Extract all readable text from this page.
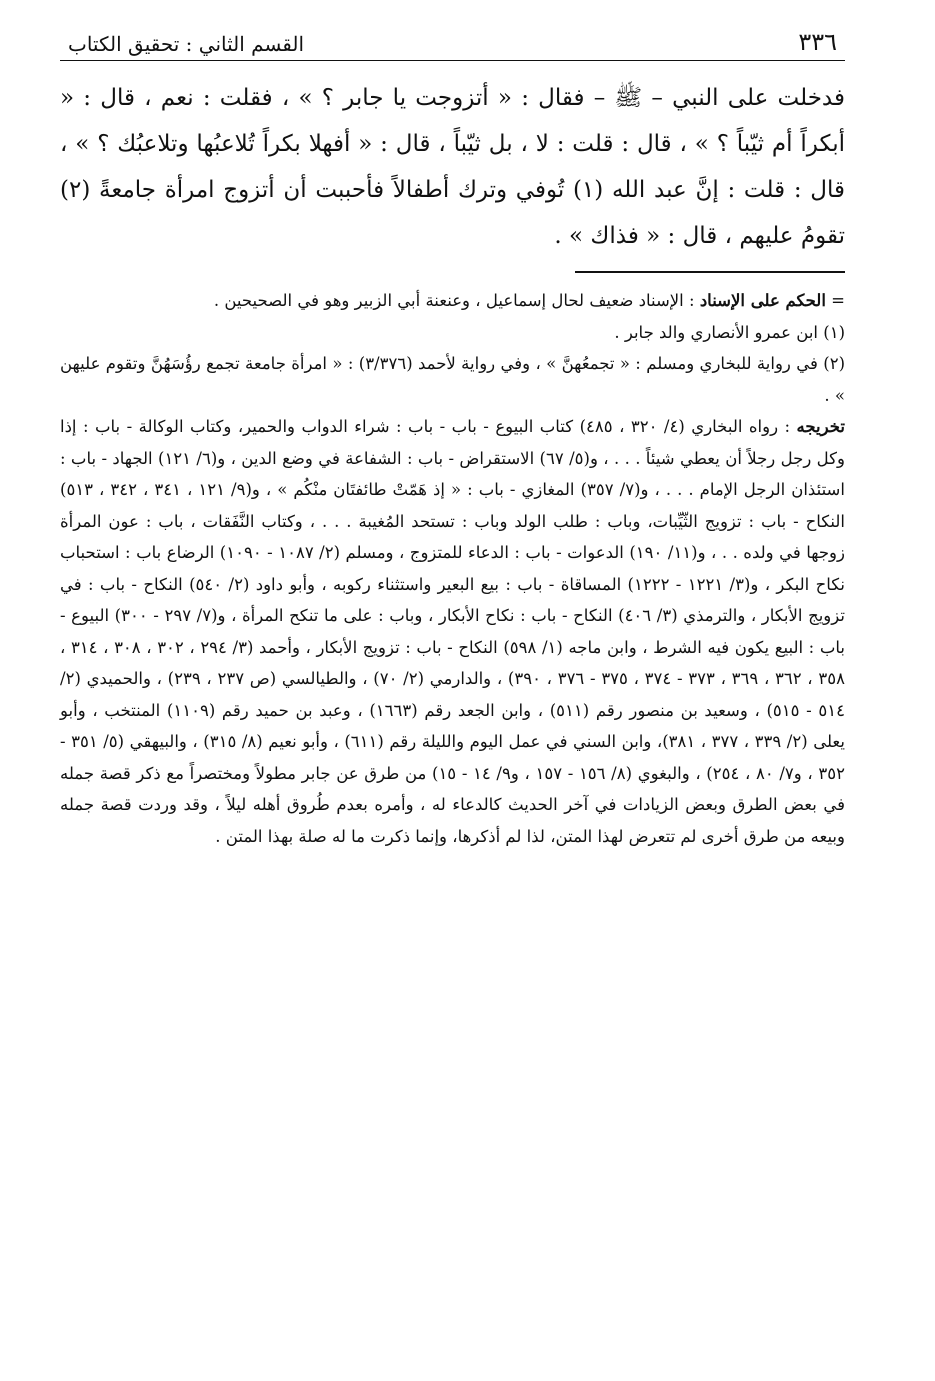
٣٣٦
القسم الثاني : تحقيق الكتاب

فدخلت على النبي – ﷺ – فقال : « أتزوجت يا جابر ؟ » ، فقلت : نعم ، قال : « أبكراً أم ثيّباً ؟ » ، قال : قلت : لا ، بل ثيّباً ، قال : « أفهلا بكراً تُلاعبُها وتلاعبُك ؟ » ، قال : قلت : إنَّ عبد الله (١) تُوفي وترك أطفالاً فأحببت أن أتزوج امرأة جامعةً (٢) تقومُ عليهم ، قال : « فذاك » .

= الحكم على الإسناد : الإسناد ضعيف لحال إسماعيل ، وعنعنة أبي الزبير وهو في الصحيحين .

(١) ابن عمرو الأنصاري والد جابر .

(٢) في رواية للبخاري ومسلم : « تجمعُهنَّ » ، وفي رواية لأحمد (٣/٣٧٦) : « امرأة جامعة تجمع رؤُسَهُنَّ وتقوم عليهن » .

تخريجه : رواه البخاري (٤/ ٣٢٠ ، ٤٨٥) كتاب البيوع - باب - باب : شراء الدواب والحمير، وكتاب الوكالة - باب : إذا وكل رجل رجلاً أن يعطي شيئاً . . . ، و(٥/ ٦٧) الاستقراض - باب : الشفاعة في وضع الدين ، و(٦/ ١٢١) الجهاد - باب : استئذان الرجل الإمام . . . ، و(٧/ ٣٥٧) المغازي - باب : « إذ هَمّتْ طائفتَان منْكُم » ، و(٩/ ١٢١ ، ٣٤١ ، ٣٤٢ ، ٥١٣) النكاح - باب : تزويج الثّيِّبات، وباب : طلب الولد وباب : تستحد المُغيبة . . . ، وكتاب النَّفَقات ، باب : عون المرأة زوجها في ولده . . ، و(١١/ ١٩٠) الدعوات - باب : الدعاء للمتزوج ، ومسلم (٢/ ١٠٨٧ - ١٠٩٠) الرضاع باب : استحباب نكاح البكر ، و(٣/ ١٢٢١ - ١٢٢٢) المساقاة - باب : بيع البعير واستثناء ركوبه ، وأبو داود (٢/ ٥٤٠) النكاح - باب : في تزويج الأبكار ، والترمذي (٣/ ٤٠٦) النكاح - باب : نكاح الأبكار ، وباب : على ما تنكح المرأة ، و(٧/ ٢٩٧ - ٣٠٠) البيوع - باب : البيع يكون فيه الشرط ، وابن ماجه (١/ ٥٩٨) النكاح - باب : تزويج الأبكار ، وأحمد (٣/ ٢٩٤ ، ٣٠٢ ، ٣٠٨ ، ٣١٤ ، ٣٥٨ ، ٣٦٢ ، ٣٦٩ ، ٣٧٣ - ٣٧٤ ، ٣٧٥ - ٣٧٦ ، ٣٩٠) ، والدارمي (٢/ ٧٠) ، والطيالسي (ص ٢٣٧ ، ٢٣٩) ، والحميدي (٢/ ٥١٤ - ٥١٥) ، وسعيد بن منصور رقم (٥١١) ، وابن الجعد رقم (١٦٦٣) ، وعبد بن حميد رقم (١١٠٩) المنتخب ، وأبو يعلى (٢/ ٣٣٩ ، ٣٧٧ ، ٣٨١)، وابن السني في عمل اليوم والليلة رقم (٦١١) ، وأبو نعيم (٨/ ٣١٥) ، والبيهقي (٥/ ٣٥١ - ٣٥٢ ، و٧/ ٨٠ ، ٢٥٤) ، والبغوي (٨/ ١٥٦ - ١٥٧ ، و٩/ ١٤ - ١٥) من طرق عن جابر مطولاً ومختصراً مع ذكر قصة جمله في بعض الطرق وبعض الزيادات في آخر الحديث كالدعاء له ، وأمره بعدم طُروق أهله ليلاً ، وقد وردت قصة جمله وبيعه من طرق أخرى لم تتعرض لهذا المتن، لذا لم أذكرها، وإنما ذكرت ما له صلة بهذا المتن .
